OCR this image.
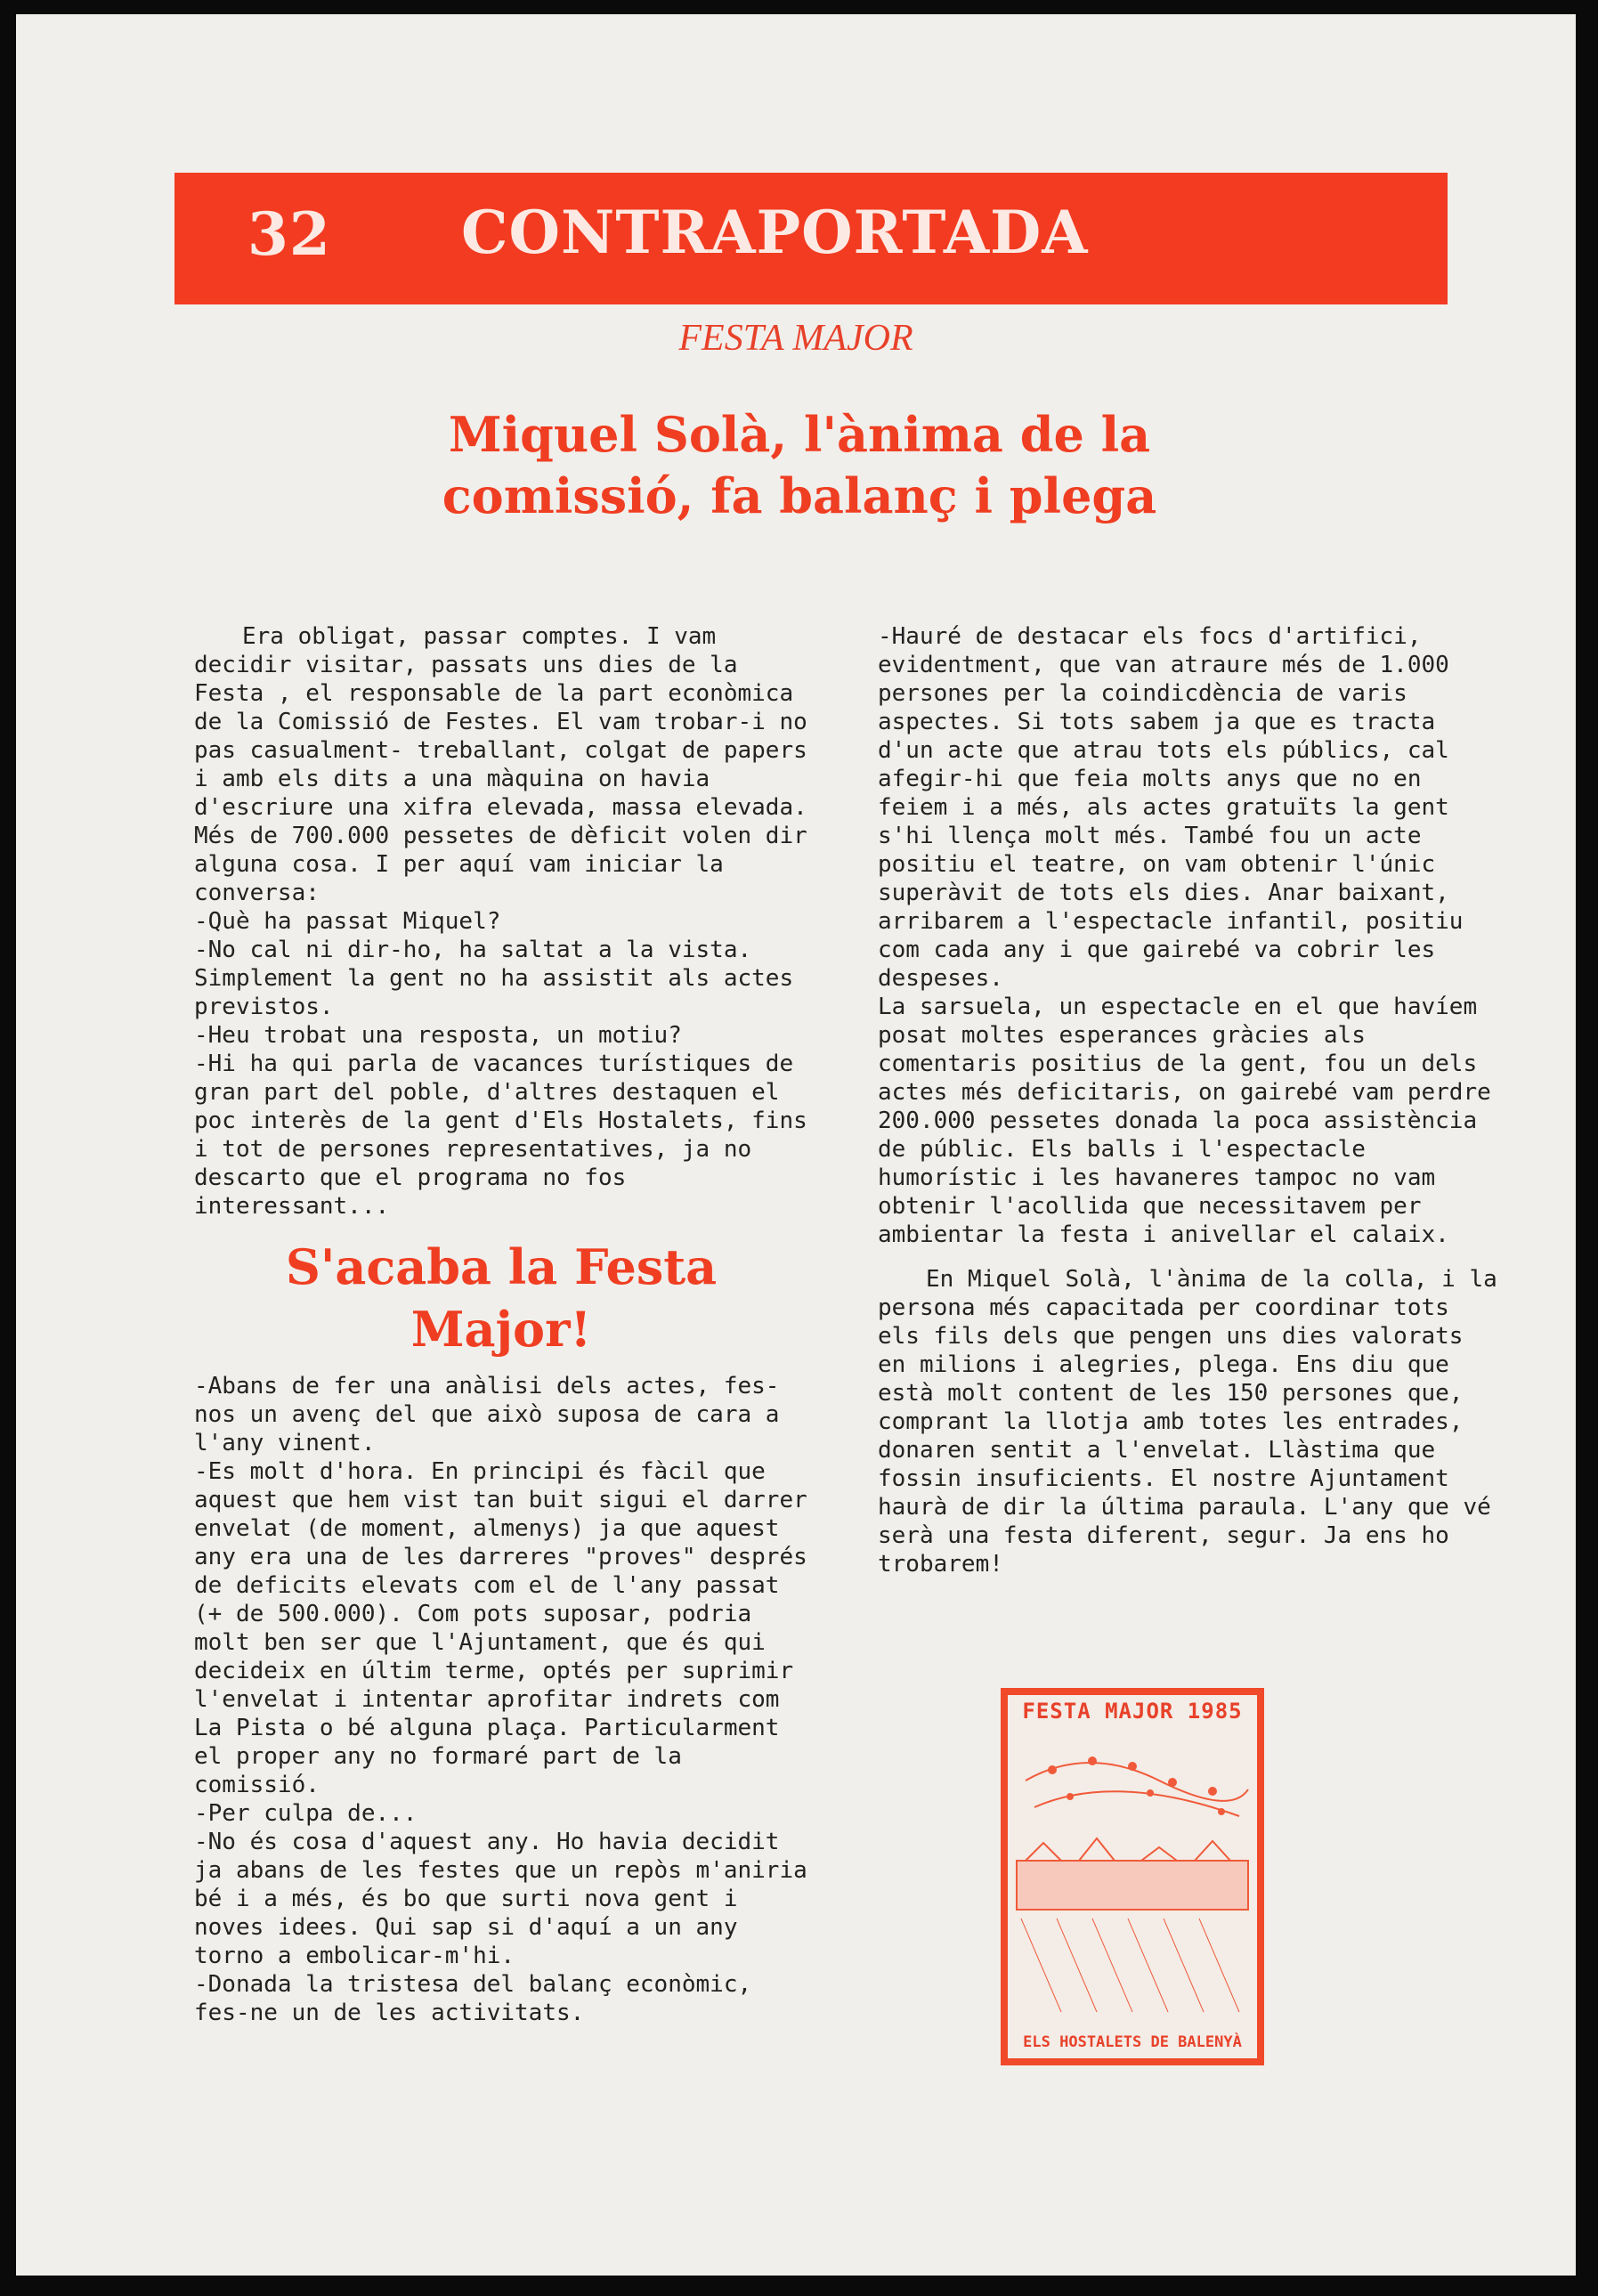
32 CONTRAPORTADA
FESTA MAJOR
Miquel Solà, l'ànima de la comissió, fa balanç i plega

Era obligat, passar comptes. I vam decidir visitar, passats uns dies de la Festa , el responsable de la part econòmica de la Comissió de Festes. El vam trobar-i no pas casualment- treballant, colgat de papers i amb els dits a una màquina on havia d'escriure una xifra elevada, massa elevada. Més de 700.000 pessetes de dèficit volen dir alguna cosa. I per aquí vam iniciar la conversa:

-Què ha passat Miquel?

-No cal ni dir-ho, ha saltat a la vista. Simplement la gent no ha assistit als actes previstos.

-Heu trobat una resposta, un motiu?

-Hi ha qui parla de vacances turístiques de gran part del poble, d'altres destaquen el poc interès de la gent d'Els Hostalets, fins i tot de persones representatives, ja no descarto que el programa no fos interessant...

S'acaba la Festa Major!

-Abans de fer una anàlisi dels actes, fes-nos un avenç del que això suposa de cara a l'any vinent.

-Es molt d'hora. En principi és fàcil que aquest que hem vist tan buit sigui el darrer envelat (de moment, almenys) ja que aquest any era una de les darreres "proves" després de deficits elevats com el de l'any passat (+ de 500.000). Com pots suposar, podria molt ben ser que l'Ajuntament, que és qui decideix en últim terme, optés per suprimir l'envelat i intentar aprofitar indrets com La Pista o bé alguna plaça. Particularment el proper any no formaré part de la comissió.

-Per culpa de...

-No és cosa d'aquest any. Ho havia decidit ja abans de les festes que un repòs m'aniria bé i a més, és bo que surti nova gent i noves idees. Qui sap si d'aquí a un any torno a embolicar-m'hi.

-Donada la tristesa del balanç econòmic, fes-ne un de les activitats.

-Hauré de destacar els focs d'artifici, evidentment, que van atraure més de 1.000 persones per la coindicdència de varis aspectes. Si tots sabem ja que es tracta d'un acte que atrau tots els públics, cal afegir-hi que feia molts anys que no en feiem i a més, als actes gratuïts la gent s'hi llença molt més. També fou un acte positiu el teatre, on vam obtenir l'únic superàvit de tots els dies. Anar baixant, arribarem a l'espectacle infantil, positiu com cada any i que gairebé va cobrir les despeses.

La sarsuela, un espectacle en el que havíem posat moltes esperances gràcies als comentaris positius de la gent, fou un dels actes més deficitaris, on gairebé vam perdre 200.000 pessetes donada la poca assistència de públic. Els balls i l'espectacle humorístic i les havaneres tampoc no vam obtenir l'acollida que necessitavem per ambientar la festa i anivellar el calaix.

En Miquel Solà, l'ànima de la colla, i la persona més capacitada per coordinar tots els fils dels que pengen uns dies valorats en milions i alegries, plega. Ens diu que està molt content de les 150 persones que, comprant la llotja amb totes les entrades, donaren sentit a l'envelat. Llàstima que fossin insuficients. El nostre Ajuntament haurà de dir la última paraula. L'any que vé serà una festa diferent, segur. Ja ens ho trobarem!

FESTA MAJOR 1985
ELS HOSTALETS DE BALENYÀ
